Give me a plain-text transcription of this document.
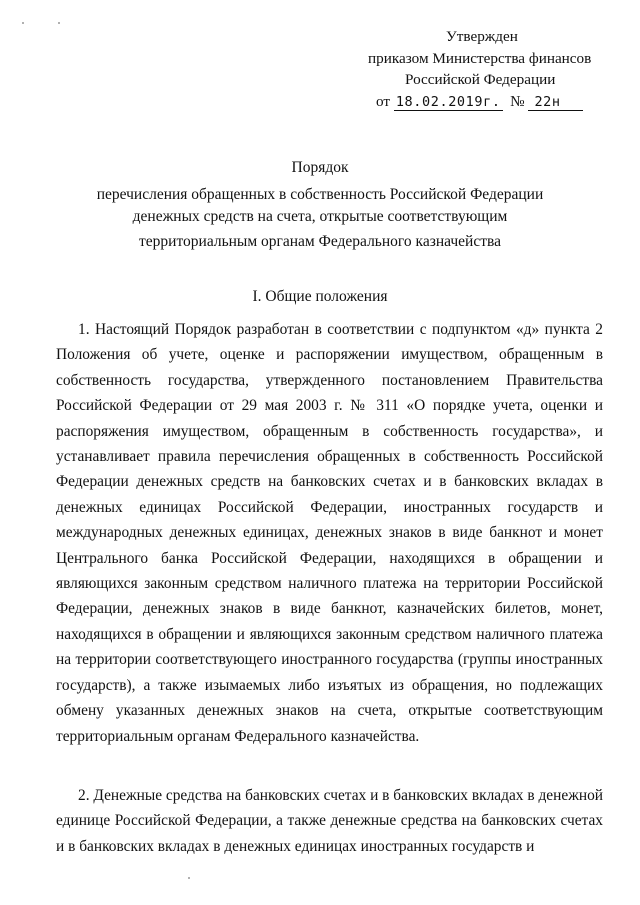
Утвержден
приказом Министерства финансов
Российской Федерации
от 18.02.2019г. № 22н
Порядок
перечисления обращенных в собственность Российской Федерации
денежных средств на счета, открытые соответствующим
территориальным органам Федерального казначейства
I. Общие положения

1. Настоящий Порядок разработан в соответствии с подпунктом «д» пункта 2 Положения об учете, оценке и распоряжении имуществом, обращенным в собственность государства, утвержденного постановлением Правительства Российской Федерации от 29 мая 2003 г. № 311 «О порядке учета, оценки и распоряжения имуществом, обращенным в собственность государства», и устанавливает правила перечисления обращенных в собственность Российской Федерации денежных средств на банковских счетах и в банковских вкладах в денежных единицах Российской Федерации, иностранных государств и международных денежных единицах, денежных знаков в виде банкнот и монет Центрального банка Российской Федерации, находящихся в обращении и являющихся законным средством наличного платежа на территории Российской Федерации, денежных знаков в виде банкнот, казначейских билетов, монет, находящихся в обращении и являющихся законным средством наличного платежа на территории соответствующего иностранного государства (группы иностранных государств), а также изымаемых либо изъятых из обращения, но подлежащих обмену указанных денежных знаков на счета, открытые соответствующим территориальным органам Федерального казначейства.

2. Денежные средства на банковских счетах и в банковских вкладах в денежной единице Российской Федерации, а также денежные средства на банковских счетах и в банковских вкладах в денежных единицах иностранных государств и
